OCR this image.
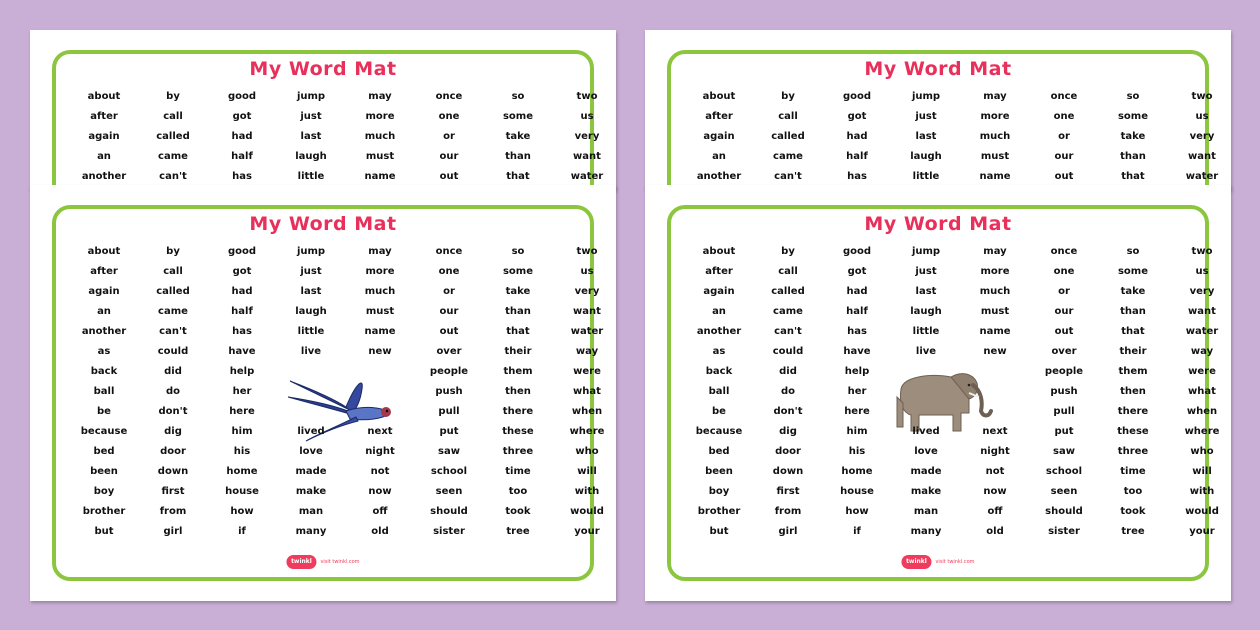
My Word Mat
about
after
again
an
another
by
call
called
came
can't
good
got
had
half
has
jump
just
last
laugh
little
may
more
much
must
name
once
one
or
our
out
so
some
take
than
that
two
us
very
want
water
My Word Mat
about
after
again
an
another
by
call
called
came
can't
good
got
had
half
has
jump
just
last
laugh
little
may
more
much
must
name
once
one
or
our
out
so
some
take
than
that
two
us
very
want
water
My Word Mat
twinkl	visit twinkl.com
about
after
again
an
another
as
back
ball
be
because
bed
been
boy
brother
but
by
call
called
came
can't
could
did
do
don't
dig
door
down
first
from
girl
good
got
had
half
has
have
help
her
here
him
his
home
house
how
if
jump
just
last
laugh
little
live
lived
love
made
make
man
many
may
more
much
must
name
new
next
night
not
now
off
old
once
one
or
our
out
over
people
push
pull
put
saw
school
seen
should
sister
so
some
take
than
that
their
them
then
there
these
three
time
too
took
tree
two
us
very
want
water
way
were
what
when
where
who
will
with
would
your
My Word Mat
twinkl	visit twinkl.com
about
after
again
an
another
as
back
ball
be
because
bed
been
boy
brother
but
by
call
called
came
can't
could
did
do
don't
dig
door
down
first
from
girl
good
got
had
half
has
have
help
her
here
him
his
home
house
how
if
jump
just
last
laugh
little
live
lived
love
made
make
man
many
may
more
much
must
name
new
next
night
not
now
off
old
once
one
or
our
out
over
people
push
pull
put
saw
school
seen
should
sister
so
some
take
than
that
their
them
then
there
these
three
time
too
took
tree
two
us
very
want
water
way
were
what
when
where
who
will
with
would
your
